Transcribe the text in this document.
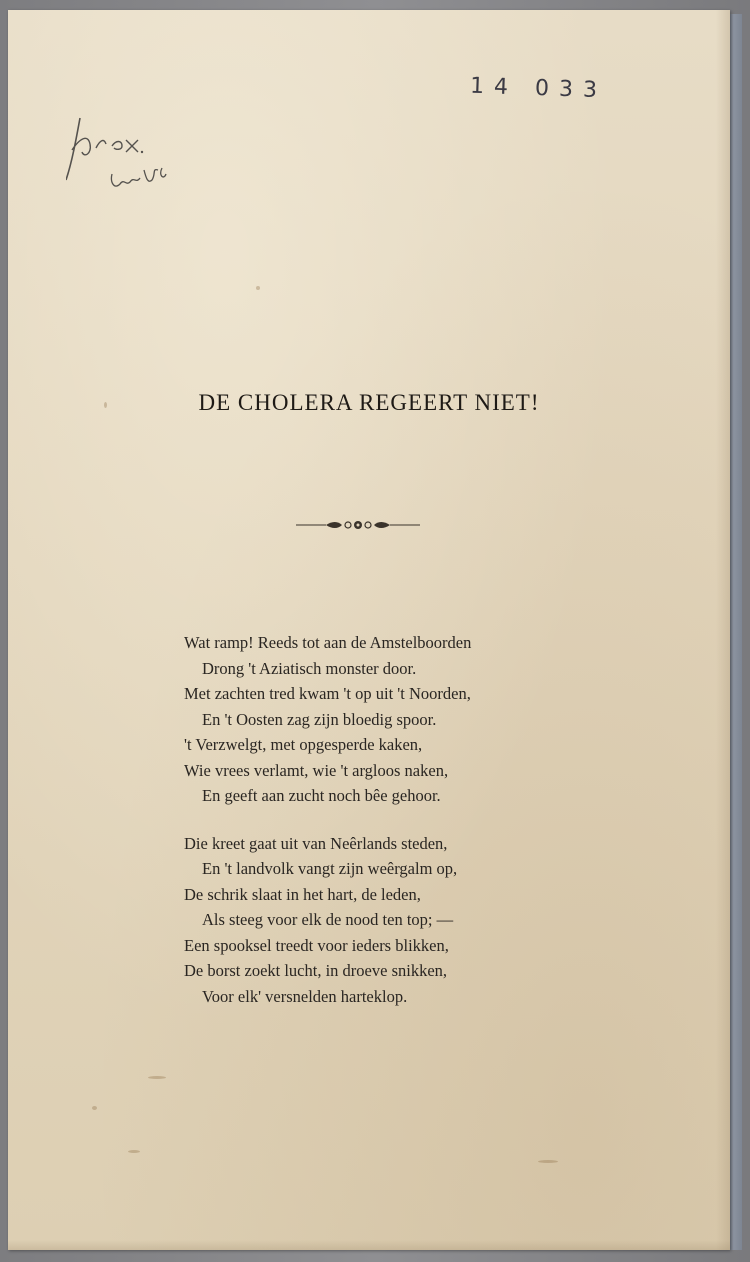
14 033
DE CHOLERA REGEERT NIET!
Wat ramp! Reeds tot aan de Amstelboorden
Drong 't Aziatisch monster door.
Met zachten tred kwam 't op uit 't Noorden,
En 't Oosten zag zijn bloedig spoor.
't Verzwelgt, met opgesperde kaken,
Wie vrees verlamt, wie 't argloos naken,
En geeft aan zucht noch bêe gehoor.
Die kreet gaat uit van Neêrlands steden,
En 't landvolk vangt zijn weêrgalm op,
De schrik slaat in het hart, de leden,
Als steeg voor elk de nood ten top; —
Een spooksel treedt voor ieders blikken,
De borst zoekt lucht, in droeve snikken,
Voor elk' versnelden harteklop.
